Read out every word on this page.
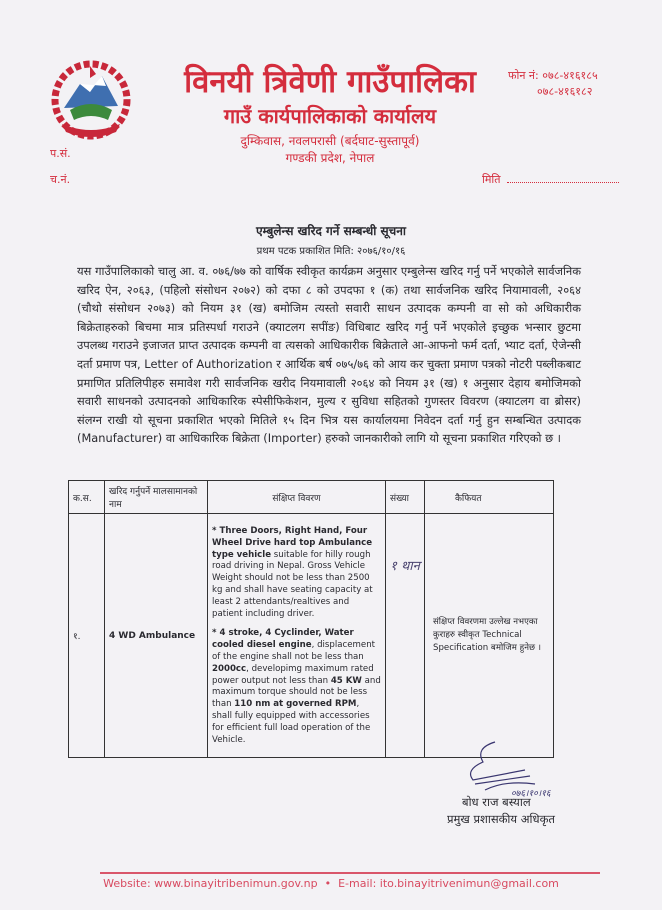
विनयी त्रिवेणी गाउँपालिका
गाउँ कार्यपालिकाको कार्यालय
दुम्किवास, नवलपरासी (बर्दघाट-सुस्तापूर्व)
गण्डकी प्रदेश, नेपाल
फोन नं: ०७८-४१६१८५
०७८-४१६१८२
प.सं.
च.नं.	मिति
एम्बुलेन्स खरिद गर्ने सम्बन्धी सूचना
प्रथम पटक प्रकाशित मिति: २०७६/१०/१६
यस गाउँपालिकाको चालु आ. व. ०७६/७७ को वार्षिक स्वीकृत कार्यक्रम अनुसार एम्बुलेन्स खरिद गर्नु पर्ने भएकोले सार्वजनिक खरिद ऐन, २०६३, (पहिलो संसोधन २०७२) को दफा ८ को उपदफा १ (क) तथा सार्वजनिक खरिद नियामावली, २०६४ (चौथो संसोधन २०७३) को नियम ३१ (ख) बमोजिम त्यस्तो सवारी साधन उत्पादक कम्पनी वा सो को अधिकारीक बिक्रेताहरुको बिचमा मात्र प्रतिस्पर्धा गराउने (क्याटलग सपींङ) विधिबाट खरिद गर्नु पर्ने भएकोले इच्छुक भन्सार छुटमा उपलब्ध गराउने इजाजत प्राप्त उत्पादक कम्पनी वा त्यसको आधिकारीक बिक्रेताले आ-आफनो फर्म दर्ता, भ्याट दर्ता, ऐजेन्सी दर्ता प्रमाण पत्र, Letter of Authorization र आर्थिक बर्ष ०७५/७६ को आय कर चुक्ता प्रमाण पत्रको नोटरी पब्लीकबाट प्रमाणित प्रतिलिपीहरु समावेश गरी सार्वजनिक खरीद नियमावाली २०६४ को नियम ३१ (ख) १ अनुसार देहाय बमोजिमको सवारी साधनको उत्पादनको आधिकारिक स्पेसीफिकेशन, मुल्य र सुविधा सहितको गुणस्तर विवरण (क्याटलग वा ब्रोसर) संलग्न राखी यो सूचना प्रकाशित भएको मितिले १५ दिन भित्र यस कार्यालयमा निवेदन दर्ता गर्नु हुन सम्बन्धित उत्पादक (Manufacturer) वा आधिकारिक बिक्रेता (Importer) हरुको जानकारीको लागि यो सूचना प्रकाशित गरिएको छ ।
क.स.	खरिद गर्नुपर्ने मालसामानको नाम	संक्षिप्त विवरण	संख्या	कैफियत
१.	4 WD Ambulance	* Three Doors, Right Hand, Four Wheel Drive hard top Ambulance type vehicle suitable for hilly rough road driving in Nepal. Gross Vehicle Weight should not be less than 2500 kg and shall have seating capacity at least 2 attendants/realtives and patient including driver.

* 4 stroke, 4 Cyclinder, Water cooled diesel engine, displacement of the engine shall not be less than 2000cc, developimg maximum rated power output not less than 45 KW and maximum torque should not be less than 110 nm at governed RPM, shall fully equipped with accessories for efficient full load operation of the Vehicle.	१ थान	संक्षिप्त विवरणमा उल्लेख नभएका कुराहरु स्वीकृत Technical Specification बमोजिम हुनेछ ।
०७६।१०।१६
बोध राज बस्याल
प्रमुख प्रशासकीय अधिकृत
Website: www.binayitribenimun.gov.np • E-mail: ito.binayitrivenimun@gmail.com
